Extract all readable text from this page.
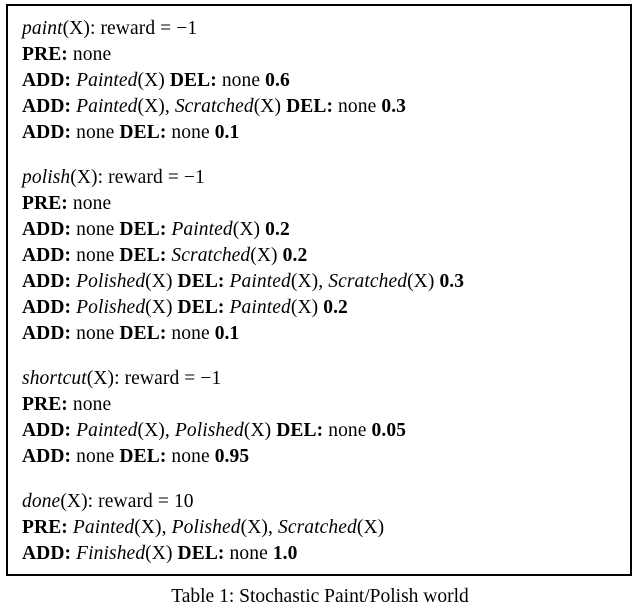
paint(X): reward = −1
PRE: none
ADD: Painted(X) DEL: none 0.6
ADD: Painted(X), Scratched(X) DEL: none 0.3
ADD: none DEL: none 0.1
polish(X): reward = −1
PRE: none
ADD: none DEL: Painted(X) 0.2
ADD: none DEL: Scratched(X) 0.2
ADD: Polished(X) DEL: Painted(X), Scratched(X) 0.3
ADD: Polished(X) DEL: Painted(X) 0.2
ADD: none DEL: none 0.1
shortcut(X): reward = −1
PRE: none
ADD: Painted(X), Polished(X) DEL: none 0.05
ADD: none DEL: none 0.95
done(X): reward = 10
PRE: Painted(X), Polished(X), Scratched(X)
ADD: Finished(X) DEL: none 1.0
Table 1: Stochastic Paint/Polish world
